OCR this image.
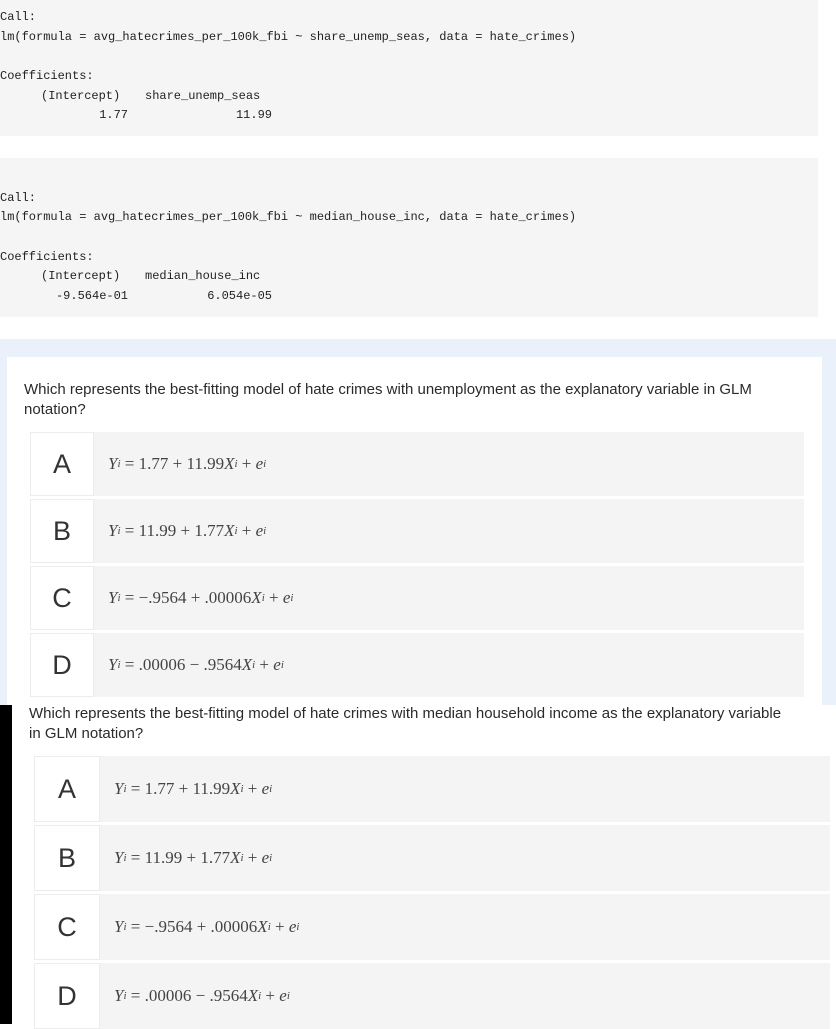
Call:
lm(formula = avg_hatecrimes_per_100k_fbi ~ share_unemp_seas, data = hate_crimes)
Coefficients:
(Intercept) share_unemp_seas
1.77	11.99
Call:
lm(formula = avg_hatecrimes_per_100k_fbi ~ median_house_inc, data = hate_crimes)
Coefficients:
(Intercept) median_house_inc
-9.564e-01	6.054e-05
Which represents the best-fitting model of hate crimes with unemployment as the explanatory variable in GLM
notation?
A	Y i = 1.77 + 11.99 X i + e i
B	Y i = 11.99 + 1.77 X i + e i
C	Y i = −.9564 + .00006 X i + e i
D	Y i = .00006 − .9564 X i + e i
Which represents the best-fitting model of hate crimes with median household income as the explanatory variable
in GLM notation?
A	Y i = 1.77 + 11.99 X i + e i
B	Y i = 11.99 + 1.77 X i + e i
C	Y i = −.9564 + .00006 X i + e i
D	Y i = .00006 − .9564 X i + e i
